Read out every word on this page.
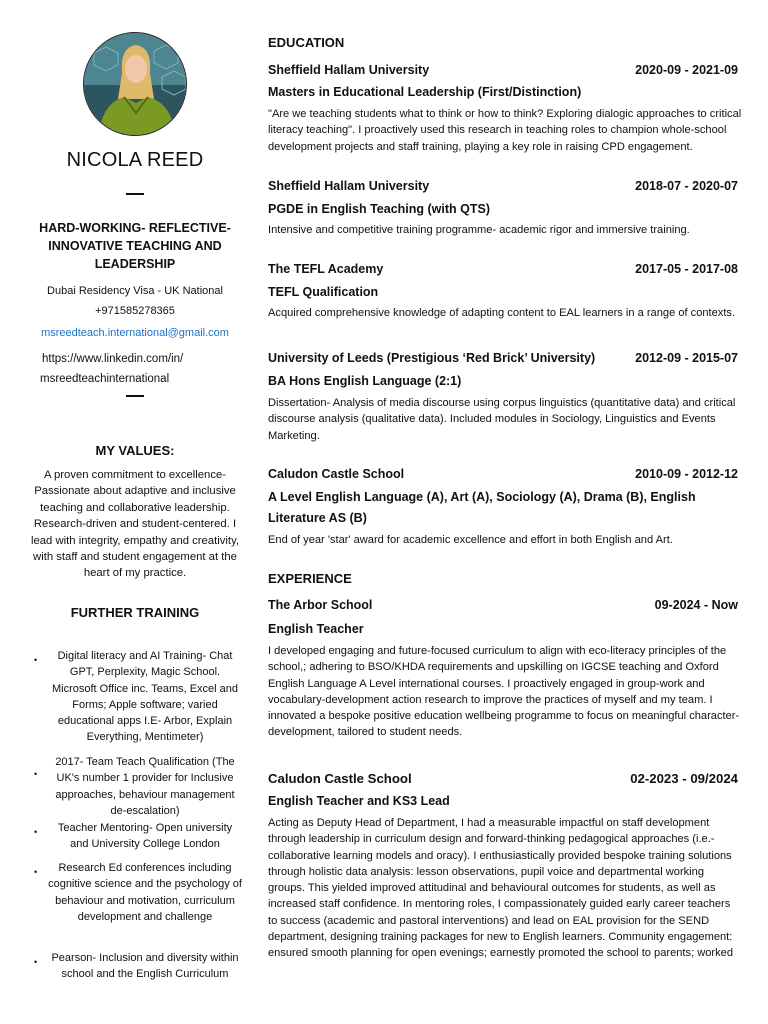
NICOLA REED
HARD-WORKING- REFLECTIVE- INNOVATIVE TEACHING AND LEADERSHIP
Dubai Residency Visa - UK National
+971585278365
msreedteach.international@gmail.com
https://www.linkedin.com/in/
msreedteachinternational
MY VALUES:
A proven commitment to excellence- Passionate about adaptive and inclusive teaching and collaborative leadership. Research-driven and student-centered. I lead with integrity, empathy and creativity, with staff and student engagement at the heart of my practice.
FURTHER TRAINING
• Digital literacy and AI Training- Chat GPT, Perplexity, Magic School. Microsoft Office inc. Teams, Excel and Forms; Apple software; varied educational apps I.E- Arbor, Explain Everything, Mentimeter)
•
2017- Team Teach Qualification (The UK's number 1 provider for Inclusive approaches, behaviour management de-escalation)
• Teacher Mentoring- Open university and University College London
• Research Ed conferences including cognitive science and the psychology of behaviour and motivation, curriculum development and challenge
• Pearson- Inclusion and diversity within school and the English Curriculum
EDUCATION
Sheffield Hallam University	2020-09 - 2021-09
Masters in Educational Leadership (First/Distinction)
"Are we teaching students what to think or how to think? Exploring dialogic approaches to critical literacy teaching". I proactively used this research in teaching roles to champion whole-school development projects and staff training, playing a key role in raising CPD engagement.
Sheffield Hallam University	2018-07 - 2020-07
PGDE in English Teaching (with QTS)
Intensive and competitive training programme- academic rigor and immersive training.
The TEFL Academy	2017-05 - 2017-08
TEFL Qualification
Acquired comprehensive knowledge of adapting content to EAL learners in a range of contexts.
University of Leeds (Prestigious ‘Red Brick’ University)	2012-09 - 2015-07
BA Hons English Language (2:1)
Dissertation- Analysis of media discourse using corpus linguistics (quantitative data) and critical discourse analysis (qualitative data). Included modules in Sociology, Linguistics and Events Marketing.
Caludon Castle School	2010-09 - 2012-12
A Level English Language (A), Art (A), Sociology (A), Drama (B), English Literature AS (B)
End of year 'star' award for academic excellence and effort in both English and Art.
EXPERIENCE
The Arbor School	09-2024 - Now
English Teacher
I developed engaging and future-focused curriculum to align with eco-literacy principles of the school,; adhering to BSO/KHDA requirements and upskilling on IGCSE teaching and Oxford English Language A Level international courses. I proactively engaged in group-work and vocabulary-development action research to improve the practices of myself and my team. I innovated a bespoke positive education wellbeing programme to focus on meaningful character-development, tailored to student needs.
Caludon Castle School	02-2023 - 09/2024
English Teacher and KS3 Lead
Acting as Deputy Head of Department, I had a measurable impactful on staff development through leadership in curriculum design and forward-thinking pedagogical approaches (i.e.- collaborative learning models and oracy). I enthusiastically provided bespoke training solutions through holistic data analysis: lesson observations, pupil voice and departmental working groups. This yielded improved attitudinal and behavioural outcomes for students, as well as increased staff confidence. In mentoring roles, I compassionately guided early career teachers to success (academic and pastoral interventions) and lead on EAL provision for the SEND department, designing training packages for new to English learners. Community engagement: ensured smooth planning for open evenings; earnestly promoted the school to parents; worked
